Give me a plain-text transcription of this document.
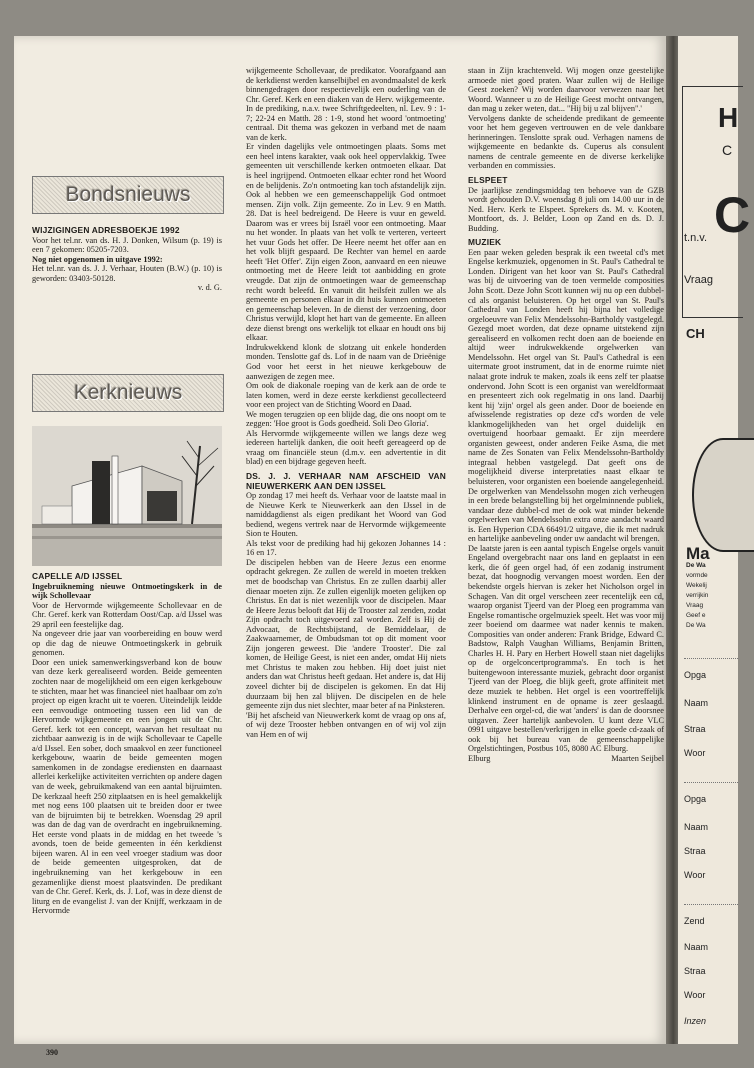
390
Bondsnieuws

WIJZIGINGEN ADRESBOEKJE 1992

Voor het tel.nr. van ds. H. J. Donken, Wilsum (p. 19) is een 7 gekomen: 05205-7203.

Nog niet opgenomen in uitgave 1992:

Het tel.nr. van ds. J. J. Verhaar, Houten (B.W.) (p. 10) is geworden: 03403-50128.

v. d. G.

Kerknieuws

CAPELLE A/D IJSSEL

Ingebruikneming nieuwe Ontmoetingskerk in de wijk Schollevaar

Voor de Hervormde wijkgemeente Schollevaar en de Chr. Geref. kerk van Rotterdam Oost/Cap. a/d IJssel was 29 april een feestelijke dag.

Na ongeveer drie jaar van voorbereiding en bouw werd op die dag de nieuwe Ontmoetingskerk in gebruik genomen.

Door een uniek samenwerkingsverband kon de bouw van deze kerk gerealiseerd worden. Beide gemeenten zochten naar de mogelijkheid om een eigen kerkgebouw te stichten, maar het was financieel niet haalbaar om zo'n project op eigen kracht uit te voeren. Uiteindelijk leidde een eenvoudige ontmoeting tussen een lid van de Hervormde wijkgemeente en een jongen uit de Chr. Geref. kerk tot een concept, waarvan het resultaat nu zichtbaar aanwezig is in de wijk Schollevaar te Capelle a/d IJssel. Een sober, doch smaakvol en zeer functioneel kerkgebouw, waarin de beide gemeenten mogen samenkomen in de zondagse erediensten en daarnaast allerlei kerkelijke activiteiten verrichten op andere dagen van de week, gebruikmakend van een aantal bijruimten. De kerkzaal heeft 250 zitplaatsen en is heel gemakkelijk met nog eens 100 plaatsen uit te breiden door er twee van de bijruimten bij te betrekken. Woensdag 29 april was dan de dag van de overdracht en ingebruikneming. Het eerste vond plaats in de middag en het tweede 's avonds, toen de beide gemeenten in één kerkdienst bijeen waren. Al in een veel vroeger stadium was door de beide gemeenten uitgesproken, dat de ingebruikneming van het kerkgebouw in een gezamenlijke dienst moest plaatsvinden. De predikant van de Chr. Geref. Kerk, ds. J. Lof, was in deze dienst de liturg en de evangelist J. van der Knijff, werkzaam in de Hervormde

wijkgemeente Schollevaar, de predikator. Voorafgaand aan de kerkdienst werden kanselbijbel en avondmaalstel de kerk binnengedragen door respectievelijk een ouderling van de Chr. Geref. Kerk en een diaken van de Herv. wijkgemeente.

In de prediking, n.a.v. twee Schriftgedeelten, nl. Lev. 9 : 1-7; 22-24 en Matth. 28 : 1-9, stond het woord 'ontmoeting' centraal. Dit thema was gekozen in verband met de naam van de kerk.

Er vinden dagelijks vele ontmoetingen plaats. Soms met een heel intens karakter, vaak ook heel oppervlakkig. Twee gemeenten uit verschillende kerken ontmoeten elkaar. Dat is heel ingrijpend. Ontmoeten elkaar echter rond het Woord en de belijdenis. Zo'n ontmoeting kan toch afstandelijk zijn. Ook al hebben we een gemeenschappelijk God ontmoet mensen. Zijn volk. Zijn gemeente. Zo in Lev. 9 en Matth. 28. Dat is heel bedreigend. De Heere is vuur en geweld. Daarom was er vrees bij Israël voor een ontmoeting. Maar nu het wonder. In plaats van het volk te verteren, verteert het vuur Gods het offer. De Heere neemt het offer aan en het volk blijft gespaard. De Rechter van hemel en aarde heeft 'Het Offer'. Zijn eigen Zoon, aanvaard en een nieuwe ontmoeting met de Heere leidt tot aanbidding en grote vreugde. Dat zijn de ontmoetingen waar de gemeenschap recht wordt beleefd. En vanuit dit heilsfeit zullen we als gemeente en personen elkaar in dit huis kunnen ontmoeten en gemeenschap beleven. In de dienst der verzoening, door Christus verwijld, klopt het hart van de gemeente. En alleen deze dienst brengt ons werkelijk tot elkaar en houdt ons bij elkaar.

Indrukwekkend klonk de slotzang uit enkele honderden monden. Tenslotte gaf ds. Lof in de naam van de Drieënige God voor het eerst in het nieuwe kerkgebouw de aanwezigen de zegen mee.

Om ook de diakonale roeping van de kerk aan de orde te laten komen, werd in deze eerste kerkdienst gecollecteerd voor een project van de Stichting Woord en Daad.

We mogen terugzien op een blijde dag, die ons noopt om te zeggen: 'Hoe groot is Gods goedheid. Soli Deo Gloria'.

Als Hervormde wijkgemeente willen we langs deze weg iedereen hartelijk danken, die ooit heeft gereageerd op de vraag om financiële steun (d.m.v. een advertentie in dit blad) en een bijdrage gegeven heeft.

DS. J. J. VERHAAR NAM AFSCHEID VAN NIEUWERKERK AAN DEN IJSSEL

Op zondag 17 mei heeft ds. Verhaar voor de laatste maal in de Nieuwe Kerk te Nieuwerkerk aan den IJssel in de namiddagdienst als eigen predikant het Woord van God bediend, wegens vertrek naar de Hervormde wijkgemeente Sion te Houten.

Als tekst voor de prediking had hij gekozen Johannes 14 : 16 en 17.

De discipelen hebben van de Heere Jezus een enorme opdracht gekregen. Ze zullen de wereld in moeten trekken met de boodschap van Christus. En ze zullen daarbij aller dienaar moeten zijn. Ze zullen eigenlijk moeten gelijken op Christus. En dat is niet wezenlijk voor de discipelen. Maar de Heere Jezus belooft dat Hij de Trooster zal zenden, zodat Zijn opdracht toch uitgevoerd zal worden. Zelf is Hij de Advocaat, de Rechtsbijstand, de Bemiddelaar, de Zaakwaarnemer, de Ombudsman tot op dit moment voor Zijn jongeren geweest. Die 'andere Trooster'. Die zal komen, de Heilige Geest, is niet een ander, omdat Hij niets met Christus te maken zou hebben. Hij doet juist niet anders dan wat Christus heeft gedaan. Het andere is, dat Hij zoveel dichter bij de discipelen is gekomen. En dat Hij duurzaam bij hen zal blijven. De discipelen en de hele gemeente zijn dus niet slechter, maar beter af na Pinksteren.

'Bij het afscheid van Nieuwerkerk komt de vraag op ons af, of wij deze Trooster hebben ontvangen en of wij vol zijn van Hem en of wij

staan in Zijn krachtenveld. Wij mogen onze geestelijke armoede niet goed praten. Waar zullen wij de Heilige Geest zoeken? Wij worden daarvoor verwezen naar het Woord. Wanneer u zo de Heilige Geest mocht ontvangen, dan mag u zeker weten, dat... "Hij bij u zal blijven".'

Vervolgens dankte de scheidende predikant de gemeente voor het hem gegeven vertrouwen en de vele dankbare herinneringen. Tenslotte sprak oud. Verhagen namens de wijkgemeente en bedankte ds. Cuperus als consulent namens de centrale gemeente en de diverse kerkelijke verbanden en commissies.

ELSPEET

De jaarlijkse zendingsmiddag ten behoeve van de GZB wordt gehouden D.V. woensdag 8 juli om 14.00 uur in de Ned. Herv. Kerk te Elspeet. Sprekers ds. M. v. Kooten, Montfoort, ds. J. Belder, Loon op Zand en ds. D. J. Budding.

MUZIEK

Een paar weken geleden besprak ik een tweetal cd's met Engelse kerkmuziek, opgenomen in St. Paul's Cathedral te Londen. Dirigent van het koor van St. Paul's Cathedral was bij de uitvoering van de toen vermelde composities John Scott. Deze John Scott kunnen wij nu op een dubbel-cd als organist beluisteren. Op het orgel van St. Paul's Cathedral van Londen heeft hij bijna het volledige orgeloeuvre van Felix Mendelssohn-Bartholdy vastgelegd. Gezegd moet worden, dat deze opname uitstekend zijn gerealiseerd en volkomen recht doen aan de boeiende en altijd weer indrukwekkende orgelwerken van Mendelssohn. Het orgel van St. Paul's Cathedral is een uitermate groot instrument, dat in de enorme ruimte niet nalaat grote indruk te maken, zoals ik eens zelf ter plaatse ondervond. John Scott is een organist van wereldformaat en presenteert zich ook regelmatig in ons land. Daarbij kent hij 'zijn' orgel als geen ander. Door de boeiende en afwisselende registraties op deze cd's worden de vele klankmogelijkheden van het orgel duidelijk en overtuigend hoorbaar gemaakt. Er zijn meerdere organisten geweest, onder anderen Feike Asma, die met name de Zes Sonaten van Felix Mendelssohn-Bartholdy integraal hebben vastgelegd. Dat geeft ons de mogelijkheid diverse interpretaties naast elkaar te beluisteren, voor organisten een boeiende aangelegenheid. De orgelwerken van Mendelssohn mogen zich verheugen in een brede belangstelling bij het orgelminnende publiek, vandaar deze dubbel-cd met de ook wat minder bekende orgelwerken van Mendelssohn extra onze aandacht waard is. Een Hyperion CDA 66491/2 uitgave, die ik met nadruk en hartelijke aanbeveling onder uw aandacht wil brengen.

De laatste jaren is een aantal typisch Engelse orgels vanuit Engeland overgebracht naar ons land en geplaatst in een kerk, die óf geen orgel had, óf een zodanig instrument bezat, dat hoognodig vervangen moest worden. Een der bekendste orgels hiervan is zeker het Nicholson orgel in Schagen. Van dit orgel verscheen zeer recentelijk een cd, waarop organist Tjeerd van der Ploeg een programma van Engelse romantische orgelmuziek speelt. Het was voor mij zeer boeiend om daarmee wat nader kennis te maken. Composities van onder anderen: Frank Bridge, Edward C. Badstow, Ralph Vaughan Williams, Benjamin Britten, Charles H. H. Pary en Herbert Howell staan niet dagelijks op de orgelconcertprogramma's. En toch is het buitengewoon interessante muziek, gebracht door organist Tjeerd van der Ploeg, die blijk geeft, grote affiniteit met deze muziek te hebben. Het orgel is een voortreffelijk klinkend instrument en de opname is zeer geslaagd. Derhalve een orgel-cd, die wat 'anders' is dan de doorsnee uitgaven. Zeer hartelijk aanbevolen. U kunt deze VLC 0991 uitgave bestellen/verkrijgen in elke goede cd-zaak of ook bij het bureau van de gemeenschappelijke Orgelstichtingen, Postbus 105, 8080 AC Elburg.

Elburg	Maarten Seijbel

H
C
t.n.v. C
Vraag
CH
Ma
De Wa
vormde
Wekelij
verrijkin
Vraag
Geef e
De Wa
Opga
Naam
Straa
Woor
Opga
Naam
Straa
Woor
Zend
Naam
Straa
Woor
Inzen
